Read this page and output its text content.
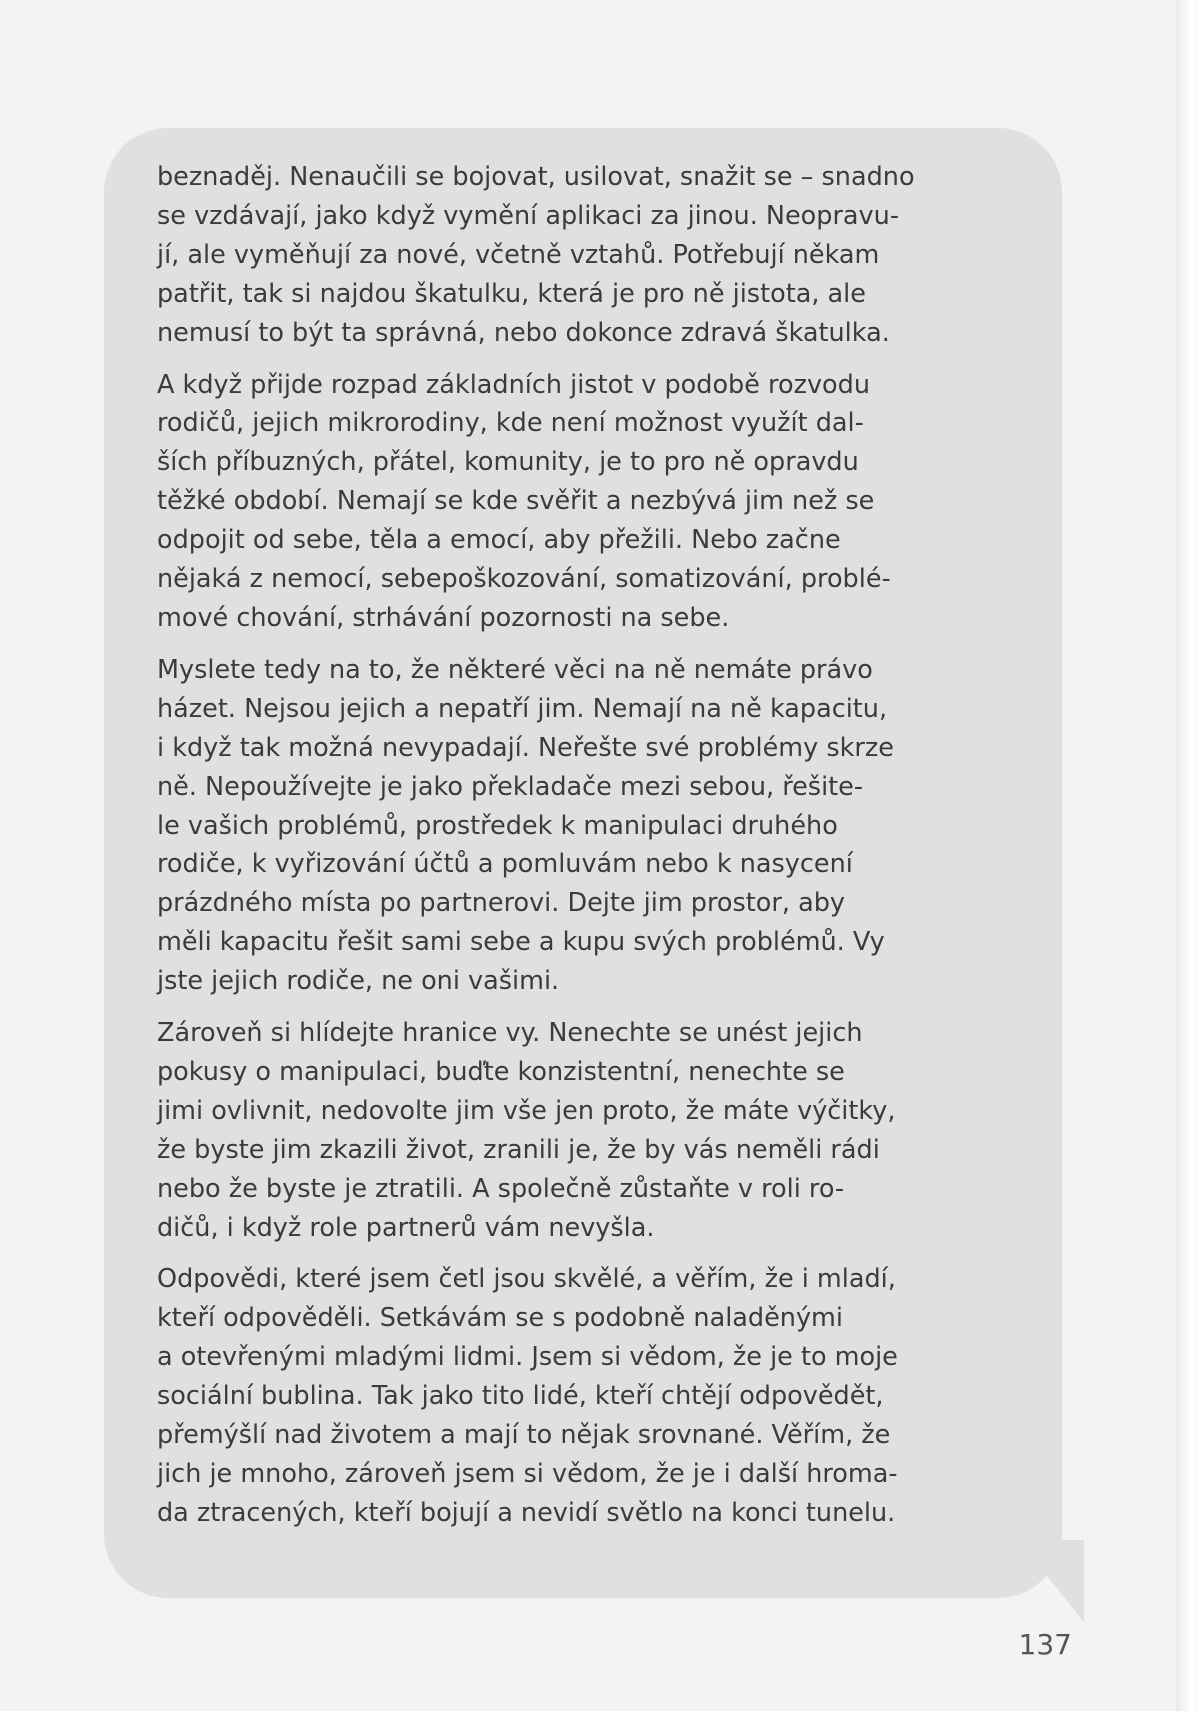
beznaděj. Nenaučili se bojovat, usilovat, snažit se – snadno
se vzdávají, jako když vymění aplikaci za jinou. Neopravu-
jí, ale vyměňují za nové, včetně vztahů. Potřebují někam
patřit, tak si najdou škatulku, která je pro ně jistota, ale
nemusí to být ta správná, nebo dokonce zdravá škatulka.

A když přijde rozpad základních jistot v podobě rozvodu
rodičů, jejich mikrorodiny, kde není možnost využít dal-
ších příbuzných, přátel, komunity, je to pro ně opravdu
těžké období. Nemají se kde svěřit a nezbývá jim než se
odpojit od sebe, těla a emocí, aby přežili. Nebo začne
nějaká z nemocí, sebepoškozování, somatizování, problé-
mové chování, strhávání pozornosti na sebe.

Myslete tedy na to, že některé věci na ně nemáte právo
házet. Nejsou jejich a nepatří jim. Nemají na ně kapacitu,
i když tak možná nevypadají. Neřešte své problémy skrze
ně. Nepoužívejte je jako překladače mezi sebou, řešite-
le vašich problémů, prostředek k manipulaci druhého
rodiče, k vyřizování účtů a pomluvám nebo k nasycení
prázdného místa po partnerovi. Dejte jim prostor, aby
měli kapacitu řešit sami sebe a kupu svých problémů. Vy
jste jejich rodiče, ne oni vašimi.

Zároveň si hlídejte hranice vy. Nenechte se unést jejich
pokusy o manipulaci, buďte konzistentní, nenechte se
jimi ovlivnit, nedovolte jim vše jen proto, že máte výčitky,
že byste jim zkazili život, zranili je, že by vás neměli rádi
nebo že byste je ztratili. A společně zůstaňte v roli ro-
dičů, i když role partnerů vám nevyšla.

Odpovědi, které jsem četl jsou skvělé, a věřím, že i mladí,
kteří odpověděli. Setkávám se s podobně naladěnými
a otevřenými mladými lidmi. Jsem si vědom, že je to moje
sociální bublina. Tak jako tito lidé, kteří chtějí odpovědět,
přemýšlí nad životem a mají to nějak srovnané. Věřím, že
jich je mnoho, zároveň jsem si vědom, že je i další hroma-
da ztracených, kteří bojují a nevidí světlo na konci tunelu.

137
